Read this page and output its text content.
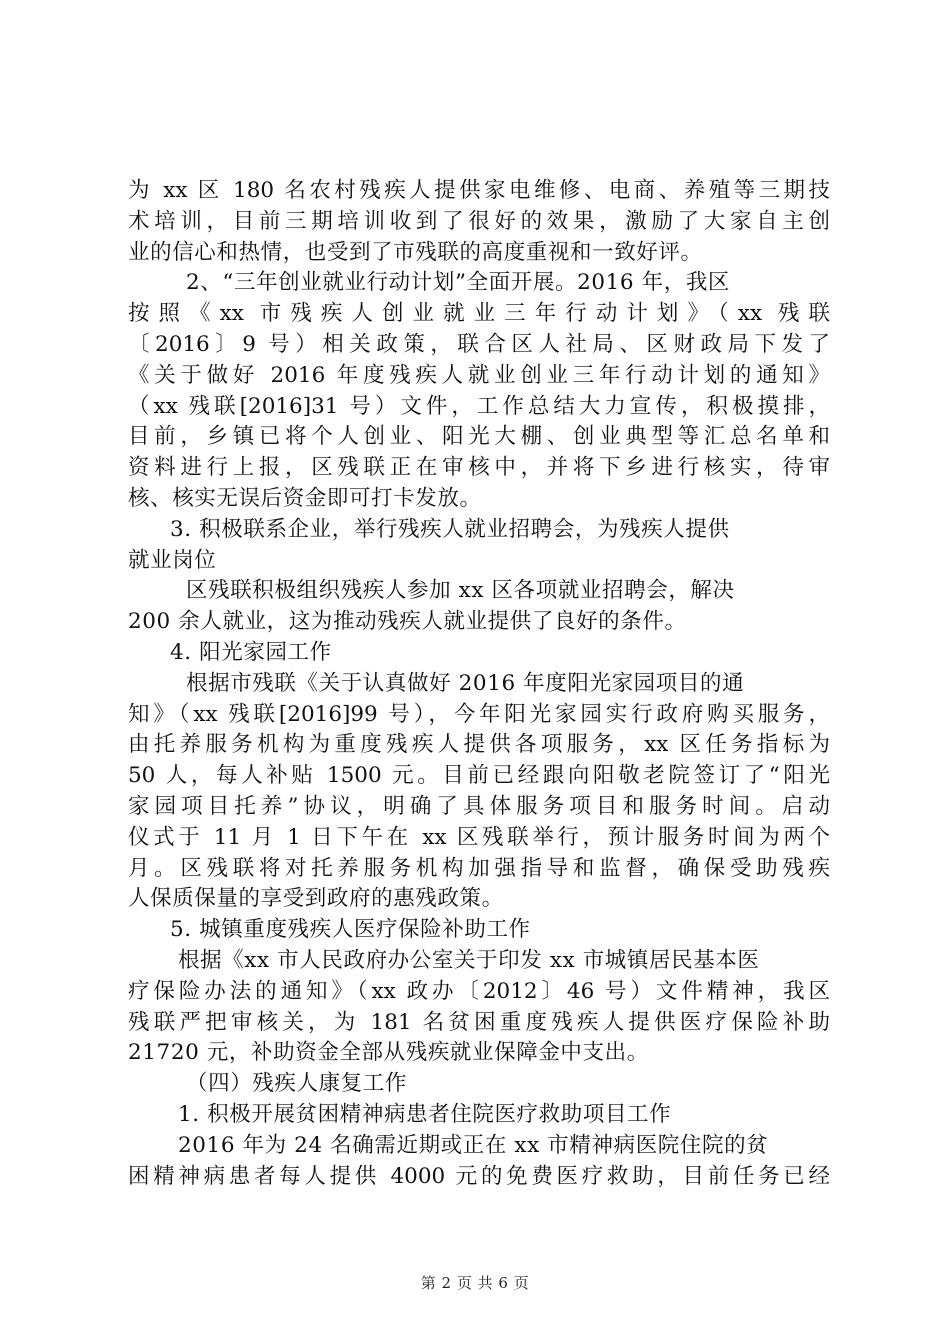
为 xx 区 180 名农村残疾人提供家电维修、电商、养殖等三期技
术培训，目前三期培训收到了很好的效果，激励了大家自主创
业的信心和热情，也受到了市残联的高度重视和一致好评。
2、“三年创业就业行动计划”全面开展。2016 年，我区
按照《xx 市残疾人创业就业三年行动计划》（xx 残联
〔2016〕9 号）相关政策，联合区人社局、区财政局下发了
《关于做好 2016 年度残疾人就业创业三年行动计划的通知》
（xx 残联[2016]31 号）文件，工作总结大力宣传，积极摸排，
目前，乡镇已将个人创业、阳光大棚、创业典型等汇总名单和
资料进行上报，区残联正在审核中，并将下乡进行核实，待审
核、核实无误后资金即可打卡发放。
3. 积极联系企业，举行残疾人就业招聘会，为残疾人提供
就业岗位
区残联积极组织残疾人参加 xx 区各项就业招聘会，解决
200 余人就业，这为推动残疾人就业提供了良好的条件。
4. 阳光家园工作
根据市残联《关于认真做好 2016 年度阳光家园项目的通
知》（xx 残联[2016]99 号），今年阳光家园实行政府购买服务，
由托养服务机构为重度残疾人提供各项服务，xx 区任务指标为
50 人，每人补贴 1500 元。目前已经跟向阳敬老院签订了“阳光
家园项目托养”协议，明确了具体服务项目和服务时间。启动
仪式于 11 月 1 日下午在 xx 区残联举行，预计服务时间为两个
月。区残联将对托养服务机构加强指导和监督，确保受助残疾
人保质保量的享受到政府的惠残政策。
5. 城镇重度残疾人医疗保险补助工作
根据《xx 市人民政府办公室关于印发 xx 市城镇居民基本医
疗保险办法的通知》（xx 政办〔2012〕46 号）文件精神，我区
残联严把审核关，为 181 名贫困重度残疾人提供医疗保险补助
21720 元，补助资金全部从残疾就业保障金中支出。
（四）残疾人康复工作
1. 积极开展贫困精神病患者住院医疗救助项目工作
2016 年为 24 名确需近期或正在 xx 市精神病医院住院的贫
困精神病患者每人提供 4000 元的免费医疗救助，目前任务已经
第 2 页 共 6 页
